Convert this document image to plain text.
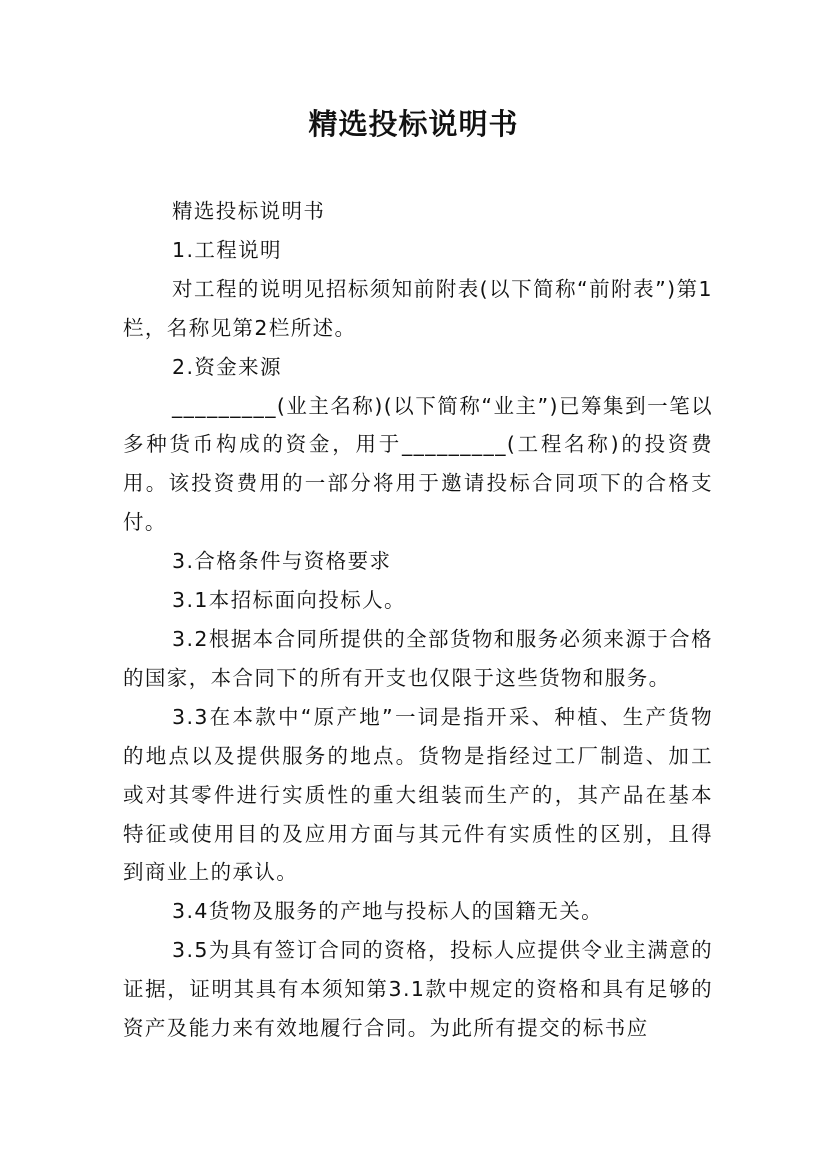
精选投标说明书

精选投标说明书

1.工程说明

对工程的说明见招标须知前附表(以下简称“前附表”)第1栏，名称见第2栏所述。

2.资金来源

_________(业主名称)(以下简称“业主”)已筹集到一笔以多种货币构成的资金，用于_________(工程名称)的投资费用。该投资费用的一部分将用于邀请投标合同项下的合格支付。

3.合格条件与资格要求

3.1本招标面向投标人。

3.2根据本合同所提供的全部货物和服务必须来源于合格的国家，本合同下的所有开支也仅限于这些货物和服务。

3.3在本款中“原产地”一词是指开采、种植、生产货物的地点以及提供服务的地点。货物是指经过工厂制造、加工或对其零件进行实质性的重大组装而生产的，其产品在基本特征或使用目的及应用方面与其元件有实质性的区别，且得到商业上的承认。

3.4货物及服务的产地与投标人的国籍无关。

3.5为具有签订合同的资格，投标人应提供令业主满意的证据，证明其具有本须知第3.1款中规定的资格和具有足够的资产及能力来有效地履行合同。为此所有提交的标书应
